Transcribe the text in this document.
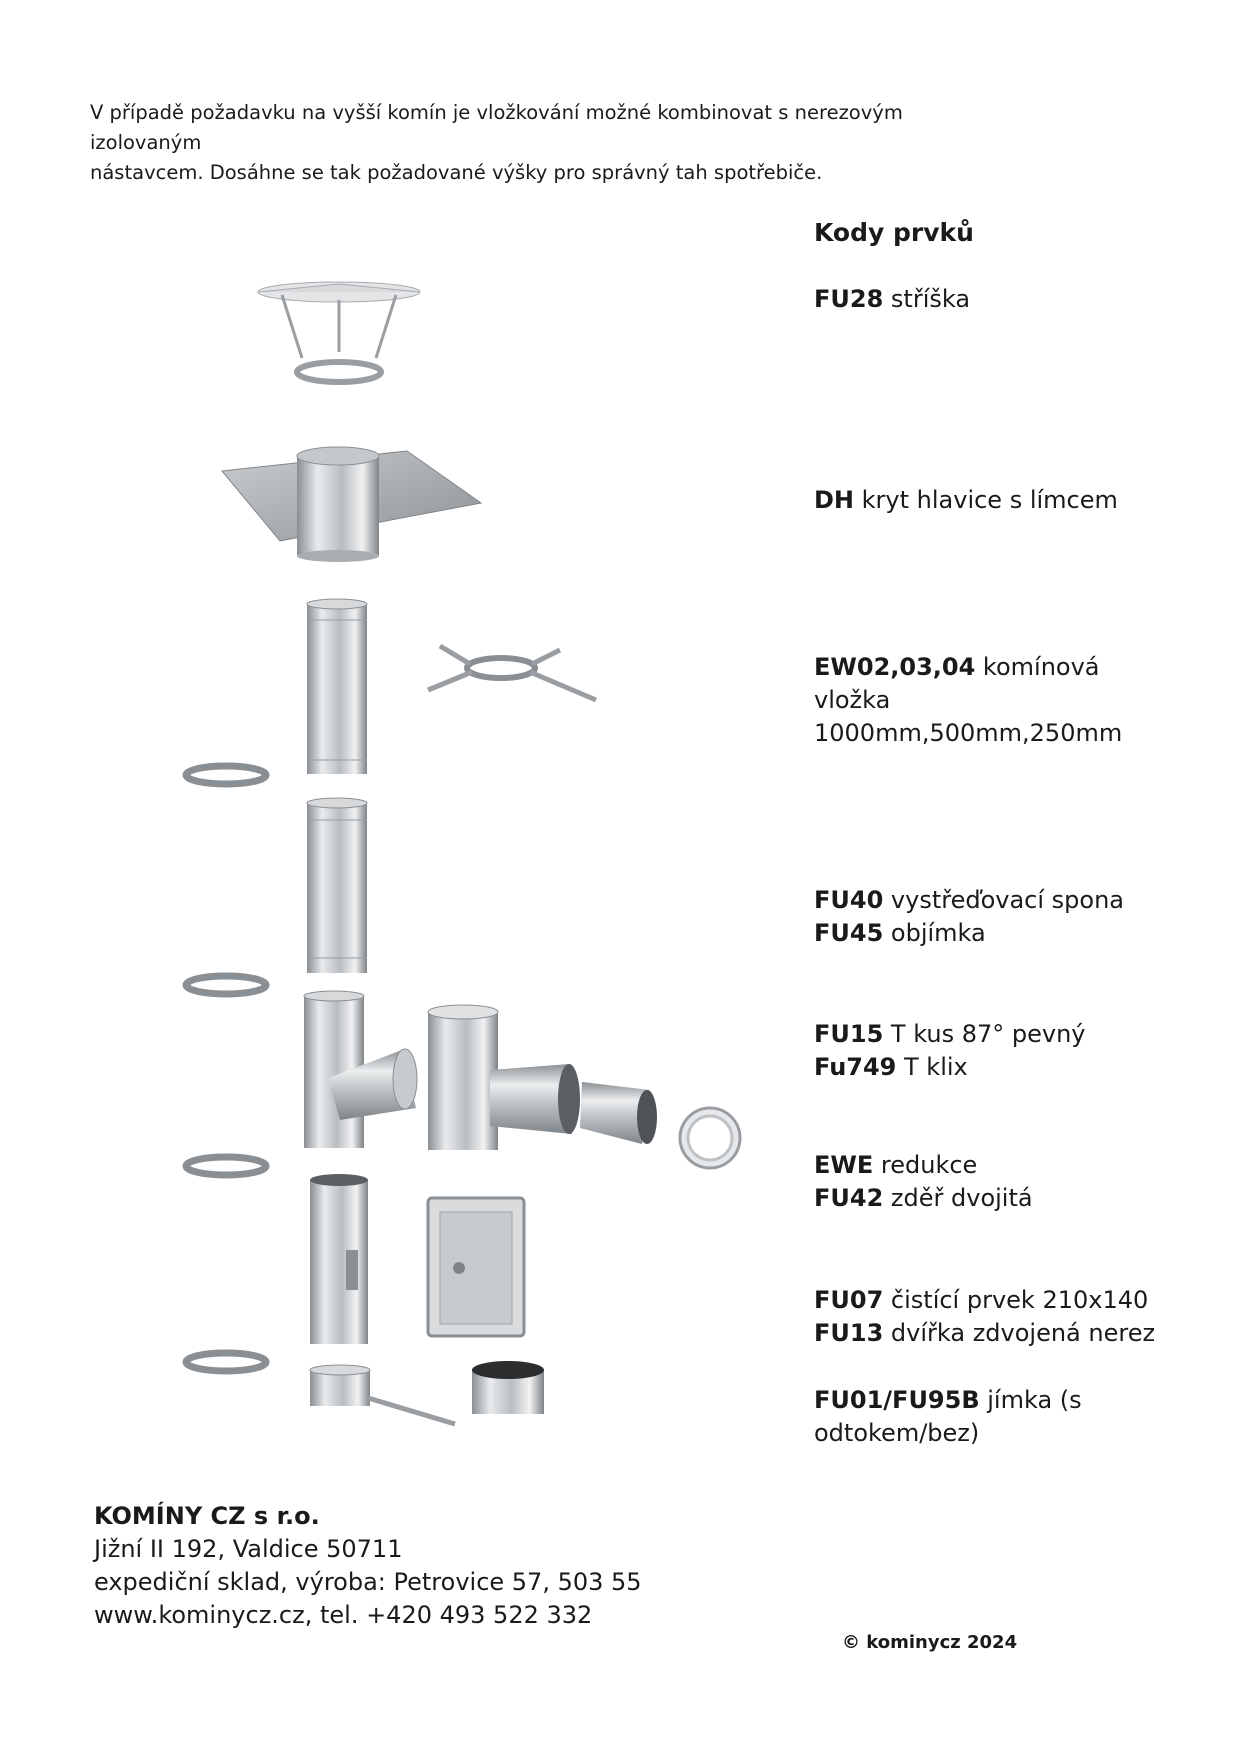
V případě požadavku na vyšší komín je vložkování možné kombinovat s nerezovým izolovaným
nástavcem. Dosáhne se tak požadované výšky pro správný tah spotřebiče.
Kody prvků
FU28 stříška
DH kryt hlavice s límcem
EW02,03,04 komínová
vložka
1000mm,500mm,250mm
FU40 vystřeďovací spona
FU45 objímka
FU15 T kus 87° pevný
Fu749 T klix
EWE redukce
FU42 zděř dvojitá
FU07 čistící prvek 210x140
FU13 dvířka zdvojená nerez
FU01/FU95B jímka (s
odtokem/bez)
KOMÍNY CZ s r.o.
Jižní II 192, Valdice 50711
expediční sklad, výroba: Petrovice 57, 503 55
www.kominycz.cz, tel. +420 493 522 332
© kominycz 2024
